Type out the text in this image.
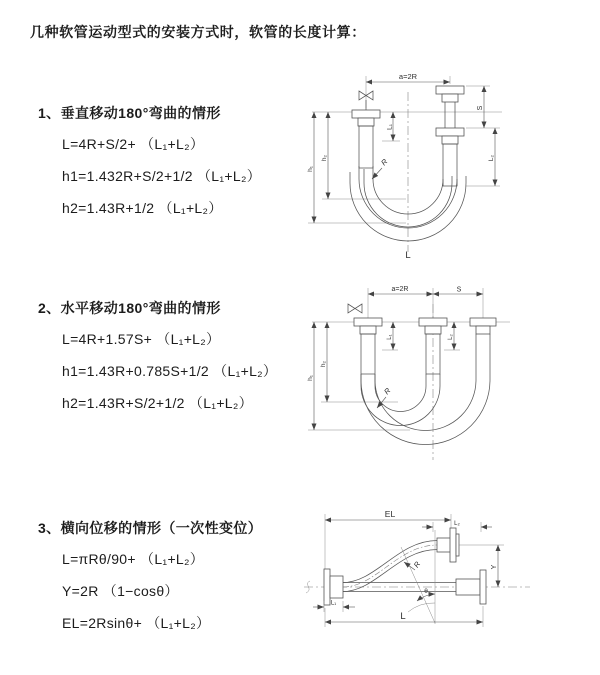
几种软管运动型式的安装方式时，软管的长度计算：

1、垂直移动180°弯曲的情形

L=4R+S/2+ （L₁+L₂）

h1=1.432R+S/2+1/2 （L₁+L₂）

h2=1.43R+1/2 （L₁+L₂）

a=2R
L₁
S
L₂
h₂
h₁
R
L

2、水平移动180°弯曲的情形

L=4R+1.57S+ （L₁+L₂）

h1=1.43R+0.785S+1/2 （L₁+L₂）

h2=1.43R+S/2+1/2 （L₁+L₂）

a=2R	S
L₁	L₂
h₂
h₁
R

3、横向位移的情形（一次性变位）

L=πRθ/90+ （L₁+L₂）

Y=2R （1−cosθ）

EL=2Rsinθ+ （L₁+L₂）

EL
L₂
Y
θ
R
L₁
L
